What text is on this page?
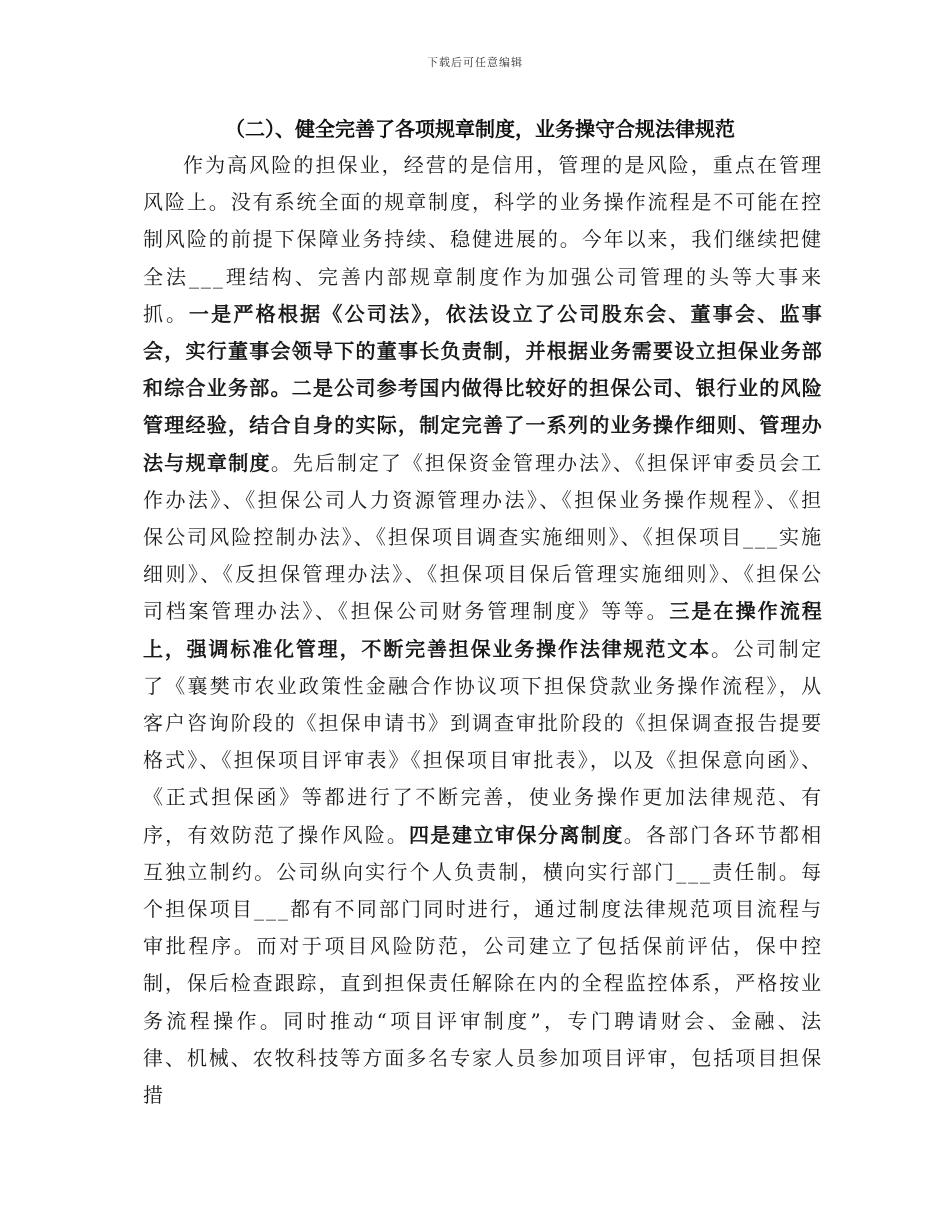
下载后可任意编辑
（二）、健全完善了各项规章制度，业务操守合规法律规范

作为高风险的担保业，经营的是信用，管理的是风险，重点在管理风险上。没有系统全面的规章制度，科学的业务操作流程是不可能在控制风险的前提下保障业务持续、稳健进展的。今年以来，我们继续把健全法___理结构、完善内部规章制度作为加强公司管理的头等大事来抓。一是严格根据《公司法》，依法设立了公司股东会、董事会、监事会，实行董事会领导下的董事长负责制，并根据业务需要设立担保业务部和综合业务部。二是公司参考国内做得比较好的担保公司、银行业的风险管理经验，结合自身的实际，制定完善了一系列的业务操作细则、管理办法与规章制度。先后制定了《担保资金管理办法》、《担保评审委员会工作办法》、《担保公司人力资源管理办法》、《担保业务操作规程》、《担保公司风险控制办法》、《担保项目调查实施细则》、《担保项目___实施细则》、《反担保管理办法》、《担保项目保后管理实施细则》、《担保公司档案管理办法》、《担保公司财务管理制度》等等。三是在操作流程上，强调标准化管理，不断完善担保业务操作法律规范文本。公司制定了《襄樊市农业政策性金融合作协议项下担保贷款业务操作流程》，从客户咨询阶段的《担保申请书》到调查审批阶段的《担保调查报告提要格式》、《担保项目评审表》《担保项目审批表》，以及《担保意向函》、《正式担保函》等都进行了不断完善，使业务操作更加法律规范、有序，有效防范了操作风险。四是建立审保分离制度。各部门各环节都相互独立制约。公司纵向实行个人负责制，横向实行部门___责任制。每个担保项目___都有不同部门同时进行，通过制度法律规范项目流程与审批程序。而对于项目风险防范，公司建立了包括保前评估，保中控制，保后检查跟踪，直到担保责任解除在内的全程监控体系，严格按业务流程操作。同时推动“项目评审制度”，专门聘请财会、金融、法律、机械、农牧科技等方面多名专家人员参加项目评审，包括项目担保措
